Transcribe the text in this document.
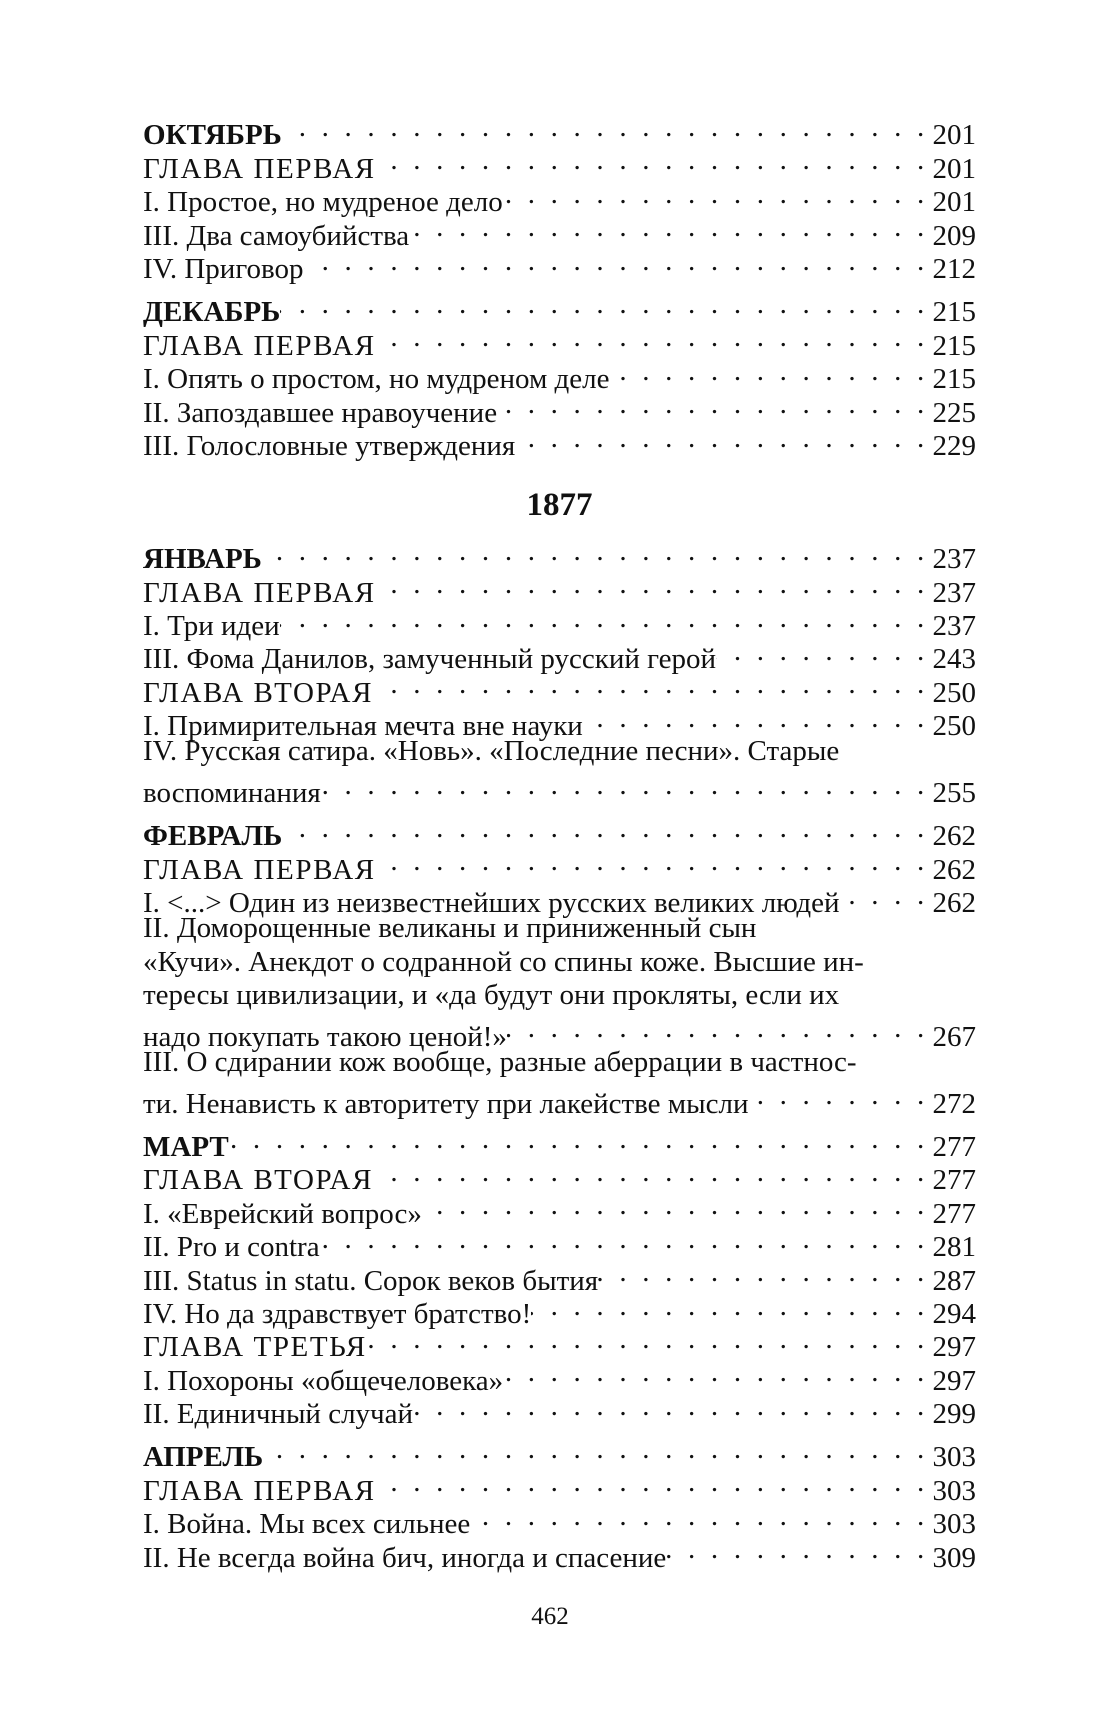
ОКТЯБРЬ . . .	201
ГЛАВА ПЕРВАЯ . . .	201
I. Простое, но мудреное дело . . .	201
III. Два самоубийства . . .	209
IV. Приговор . . .	212
ДЕКАБРЬ . . .	215
ГЛАВА ПЕРВАЯ . . .	215
I. Опять о простом, но мудреном деле . . .	215
II. Запоздавшее нравоучение . . .	225
III. Голословные утверждения . . .	229
1877
ЯНВАРЬ . . .	237
ГЛАВА ПЕРВАЯ . . .	237
I. Три идеи . . .	237
III. Фома Данилов, замученный русский герой . . .	243
ГЛАВА ВТОРАЯ . . .	250
I. Примирительная мечта вне науки . . .	250
IV. Русская сатира. «Новь». «Последние песни». Старые
воспоминания . . .	255
ФЕВРАЛЬ . . .	262
ГЛАВА ПЕРВАЯ . . .	262
I. <...> Один из неизвестнейших русских великих людей . . .	262
II. Доморощенные великаны и приниженный сын
«Кучи». Анекдот о содранной со спины коже. Высшие ин-
тересы цивилизации, и «да будут они прокляты, если их
надо покупать такою ценой!» . . .	267
III. О сдирании кож вообще, разные аберрации в частнос-
ти. Ненависть к авторитету при лакействе мысли . . .	272
МАРТ . . .	277
ГЛАВА ВТОРАЯ . . .	277
I. «Еврейский вопрос» . . .	277
II. Pro и contra . . .	281
III. Status in statu. Сорок веков бытия . . .	287
IV. Но да здравствует братство! . . .	294
ГЛАВА ТРЕТЬЯ . . .	297
I. Похороны «общечеловека» . . .	297
II. Единичный случай . . .	299
АПРЕЛЬ . . .	303
ГЛАВА ПЕРВАЯ . . .	303
I. Война. Мы всех сильнее . . .	303
II. Не всегда война бич, иногда и спасение . . .	309
462
